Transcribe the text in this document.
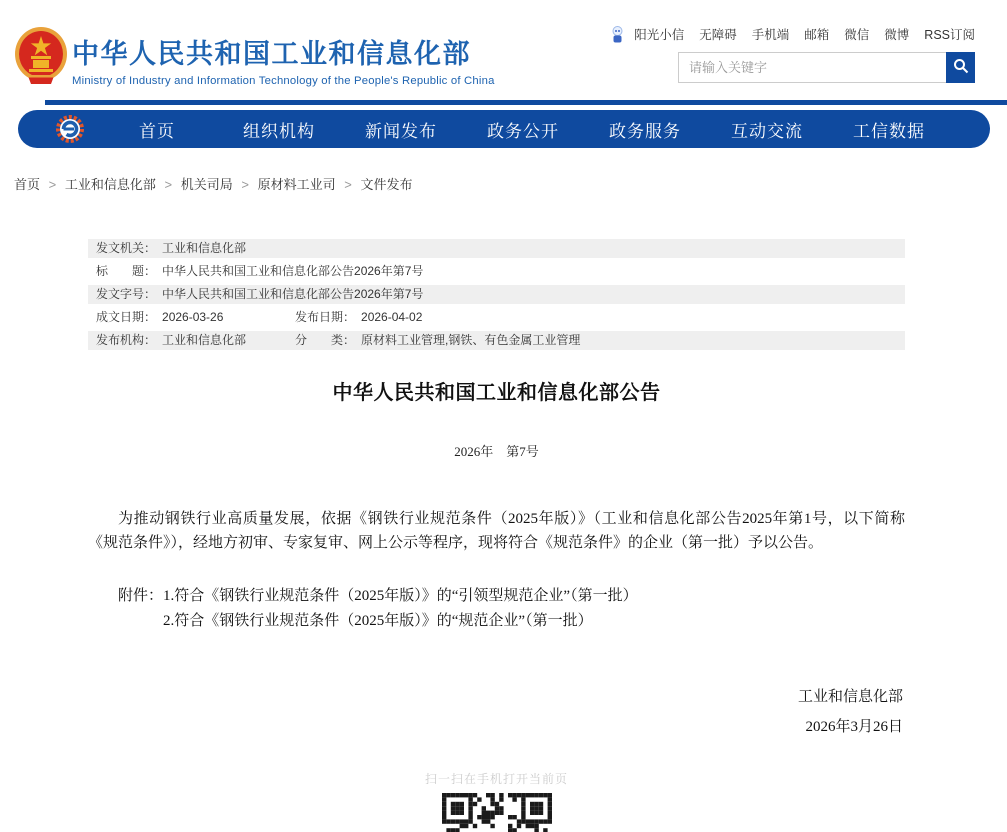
中华人民共和国工业和信息化部
Ministry of Industry and Information Technology of the People's Republic of China
阳光小信 无障碍 手机端 邮箱 微信 微博 RSS订阅
请输入关键字
首页	组织机构	新闻发布	政务公开	政务服务	互动交流	工信数据
首页 > 工业和信息化部 > 机关司局 > 原材料工业司 > 文件发布
发文机关： 工业和信息化部
标　　题： 中华人民共和国工业和信息化部公告2026年第7号
发文字号： 中华人民共和国工业和信息化部公告2026年第7号
成文日期： 2026-03-26	发布日期： 2026-04-02
发布机构： 工业和信息化部	分　　类： 原材料工业管理,钢铁、有色金属工业管理
中华人民共和国工业和信息化部公告
2026年　第7号

为推动钢铁行业高质量发展，依据《钢铁行业规范条件（2025年版）》（工业和信息化部公告2025年第1号，以下简称《规范条件》），经地方初审、专家复审、网上公示等程序，现将符合《规范条件》的企业（第一批）予以公告。

附件：1.符合《钢铁行业规范条件（2025年版）》的“引领型规范企业”（第一批）
2.符合《钢铁行业规范条件（2025年版）》的“规范企业”（第一批）
工业和信息化部
2026年3月26日
扫一扫在手机打开当前页
